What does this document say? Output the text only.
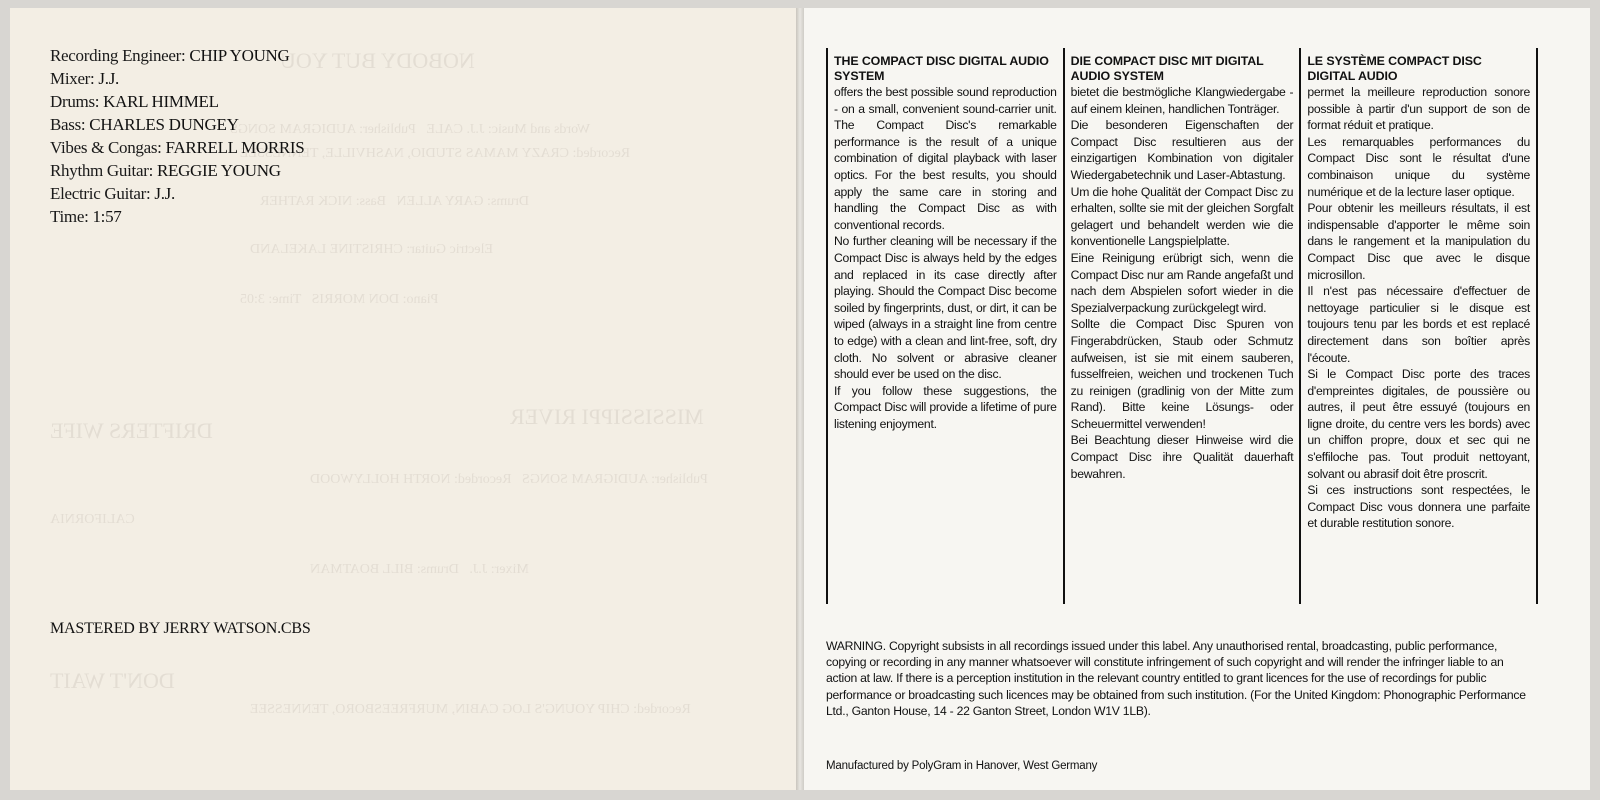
NOBODY BUT YOU
Words and Music: J.J. CALE   Publisher: AUDIGRAM SONGS
Recorded: CRAZY MAMAS STUDIO, NASHVILLE, TENNESSEE
Drums: GARY ALLEN   Bass: NICK RATHER
Electric Guitar: CHRISTINE LAKELAND
Piano: DON MORRIS   Time: 3:05
DRIFTERS WIFE
MISSISSIPPI RIVER
Publisher: AUDIGRAM SONGS   Recorded: NORTH HOLLYWOOD
CALIFORNIA
Mixer: J.J.   Drums: BILL BOATMAN
DON'T WAIT
Recorded: CHIP YOUNG'S LOG CABIN, MURFREESBORO, TENNESSEE
Recording Engineer: CHIP YOUNG
Mixer: J.J.
Drums: KARL HIMMEL
Bass: CHARLES DUNGEY
Vibes & Congas: FARRELL MORRIS
Rhythm Guitar: REGGIE YOUNG
Electric Guitar: J.J.
Time: 1:57
MASTERED BY JERRY WATSON.CBS
THE COMPACT DISC DIGITAL AUDIO SYSTEM

offers the best possible sound reproduction - on a small, convenient sound-carrier unit. The Compact Disc's remarkable performance is the result of a unique combination of digital playback with laser optics. For the best results, you should apply the same care in storing and handling the Compact Disc as with conventional records.

No further cleaning will be necessary if the Compact Disc is always held by the edges and replaced in its case directly after playing. Should the Compact Disc become soiled by fingerprints, dust, or dirt, it can be wiped (always in a straight line from centre to edge) with a clean and lint-free, soft, dry cloth. No solvent or abrasive cleaner should ever be used on the disc.

If you follow these suggestions, the Compact Disc will provide a lifetime of pure listening enjoyment.

DIE COMPACT DISC MIT DIGITAL AUDIO SYSTEM

bietet die bestmögliche Klangwiedergabe - auf einem kleinen, handlichen Tonträger.

Die besonderen Eigenschaften der Compact Disc resultieren aus der einzigartigen Kombination von digitaler Wiedergabetechnik und Laser-Abtastung.

Um die hohe Qualität der Compact Disc zu erhalten, sollte sie mit der gleichen Sorgfalt gelagert und behandelt werden wie die konventionelle Langspielplatte.

Eine Reinigung erübrigt sich, wenn die Compact Disc nur am Rande angefaßt und nach dem Abspielen sofort wieder in die Spezialverpackung zurückgelegt wird.

Sollte die Compact Disc Spuren von Fingerabdrücken, Staub oder Schmutz aufweisen, ist sie mit einem sauberen, fusselfreien, weichen und trockenen Tuch zu reinigen (gradlinig von der Mitte zum Rand). Bitte keine Lösungs- oder Scheuermittel verwenden!

Bei Beachtung dieser Hinweise wird die Compact Disc ihre Qualität dauerhaft bewahren.

LE SYSTÈME COMPACT DISC DIGITAL AUDIO

permet la meilleure reproduction sonore possible à partir d'un support de son de format réduit et pratique.

Les remarquables performances du Compact Disc sont le résultat d'une combinaison unique du système numérique et de la lecture laser optique.

Pour obtenir les meilleurs résultats, il est indispensable d'apporter le même soin dans le rangement et la manipulation du Compact Disc que avec le disque microsillon.

Il n'est pas nécessaire d'effectuer de nettoyage particulier si le disque est toujours tenu par les bords et est replacé directement dans son boîtier après l'écoute.

Si le Compact Disc porte des traces d'empreintes digitales, de poussière ou autres, il peut être essuyé (toujours en ligne droite, du centre vers les bords) avec un chiffon propre, doux et sec qui ne s'effiloche pas. Tout produit nettoyant, solvant ou abrasif doit être proscrit.

Si ces instructions sont respectées, le Compact Disc vous donnera une parfaite et durable restitution sonore.

WARNING. Copyright subsists in all recordings issued under this label. Any unauthorised rental, broadcasting, public performance, copying or recording in any manner whatsoever will constitute infringement of such copyright and will render the infringer liable to an action at law. If there is a perception institution in the relevant country entitled to grant licences for the use of recordings for public performance or broadcasting such licences may be obtained from such institution. (For the United Kingdom: Phonographic Performance Ltd., Ganton House, 14 - 22 Ganton Street, London W1V 1LB).
Manufactured by PolyGram in Hanover, West Germany
